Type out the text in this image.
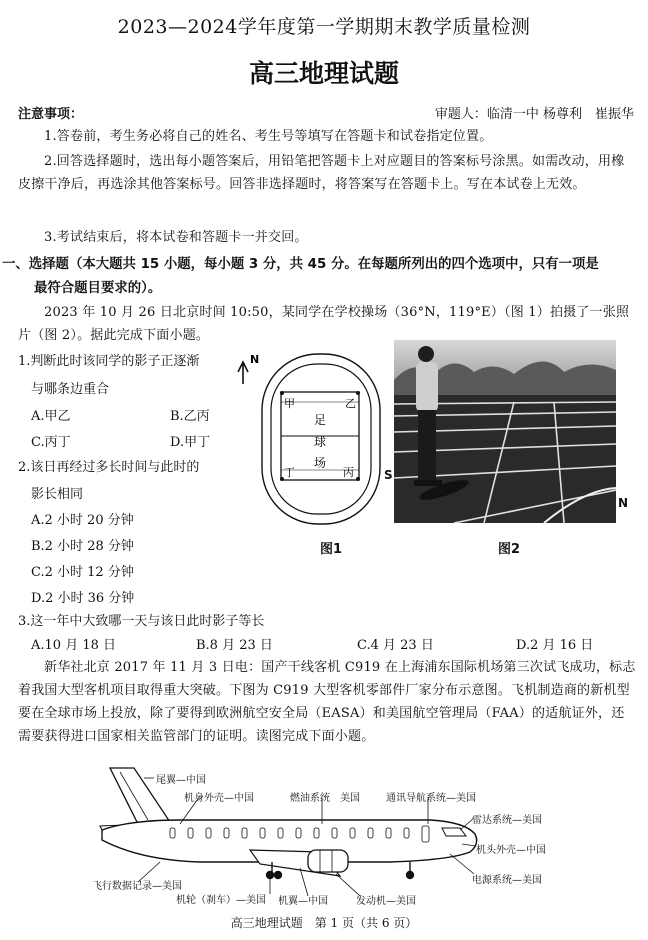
2023—2024学年度第一学期期末教学质量检测
高三地理试题
注意事项：	审题人：临清一中 杨尊利　崔振华
1.答卷前，考生务必将自己的姓名、考生号等填写在答题卡和试卷指定位置。
2.回答选择题时，选出每小题答案后，用铅笔把答题卡上对应题目的答案标号涂黑。如需改动，用橡皮擦干净后，再选涂其他答案标号。回答非选择题时，将答案写在答题卡上。写在本试卷上无效。
3.考试结束后，将本试卷和答题卡一并交回。
一、选择题（本大题共 15 小题，每小题 3 分，共 45 分。在每题所列出的四个选项中，只有一项是
最符合题目要求的）。
2023 年 10 月 26 日北京时间 10:50，某同学在学校操场（36°N，119°E）（图 1）拍摄了一张照片（图 2）。据此完成下面小题。
1.判断此时该同学的影子正逐渐
与哪条边重合
A.甲乙	B.乙丙
C.丙丁	D.甲丁
2.该日再经过多长时间与此时的
影长相同
A.2 小时 20 分钟
B.2 小时 28 分钟
C.2 小时 12 分钟
D.2 小时 36 分钟
3.这一年中大致哪一天与该日此时影子等长
A.10 月 18 日	B.8 月 23 日	C.4 月 23 日	D.2 月 16 日
N
甲	乙
丙
丁
足
球
场
图1
S
N
图2
新华社北京 2017 年 11 月 3 日电：国产干线客机 C919 在上海浦东国际机场第三次试飞成功，标志着我国大型客机项目取得重大突破。下图为 C919 大型客机零部件厂家分布示意图。飞机制造商的新机型要在全球市场上投放，除了要得到欧洲航空安全局（EASA）和美国航空管理局（FAA）的适航证外，还需要获得进口国家相关监管部门的证明。读图完成下面小题。
尾翼—中国
机身外壳—中国	燃油系统　美国	通讯导航系统—美国
雷达系统—美国
机头外壳—中国
电源系统—美国
飞行数据记录—美国
机轮（刹车）—美国 机翼—中国	发动机—美国
高三地理试题　第 1 页（共 6 页）
